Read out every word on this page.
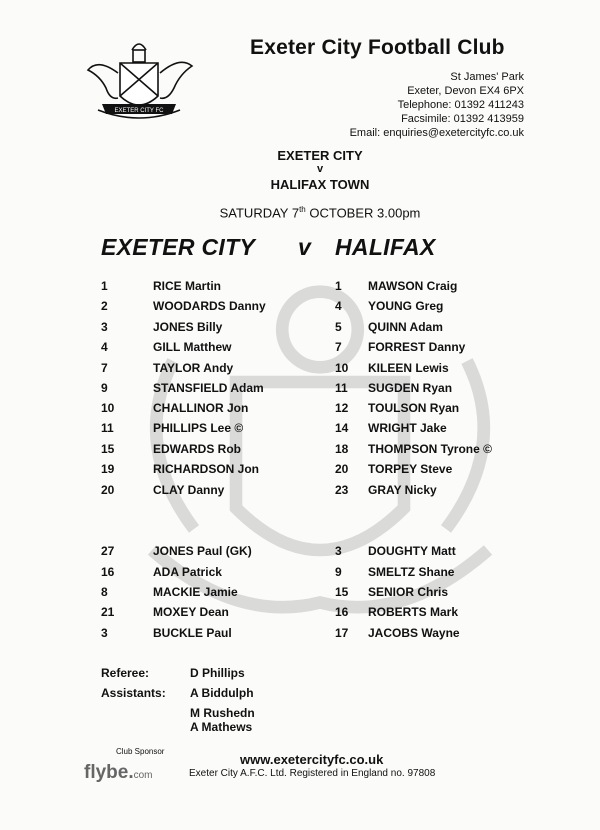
EXETER CITY FC
Exeter City Football Club
St James' Park
Exeter, Devon EX4 6PX
Telephone: 01392 411243
Facsimile: 01392 413959
Email: enquiries@exetercityfc.co.uk
EXETER CITY
v
HALIFAX TOWN
SATURDAY 7th OCTOBER 3.00pm
EXETER CITY v HALIFAX
1	RICE Martin
2	WOODARDS Danny
3	JONES Billy
4	GILL Matthew
7	TAYLOR Andy
9	STANSFIELD Adam
10	CHALLINOR Jon
11	PHILLIPS Lee ©
15	EDWARDS Rob
19	RICHARDSON Jon
20	CLAY Danny
1 MAWSON Craig
4 YOUNG Greg
5 QUINN Adam
7 FORREST Danny
10 KILEEN Lewis
11 SUGDEN Ryan
12 TOULSON Ryan
14 WRIGHT Jake
18 THOMPSON Tyrone ©
20 TORPEY Steve
23 GRAY Nicky
27	JONES Paul (GK)
16	ADA Patrick
8	MACKIE Jamie
21	MOXEY Dean
3	BUCKLE Paul
3 DOUGHTY Matt
9 SMELTZ Shane
15 SENIOR Chris
16 ROBERTS Mark
17 JACOBS Wayne
Referee:	D Phillips
Assistants: A Biddulph
M Rushedn
A Mathews
Club Sponsor
flybe.com
www.exetercityfc.co.uk
Exeter City A.F.C. Ltd. Registered in England no. 97808
